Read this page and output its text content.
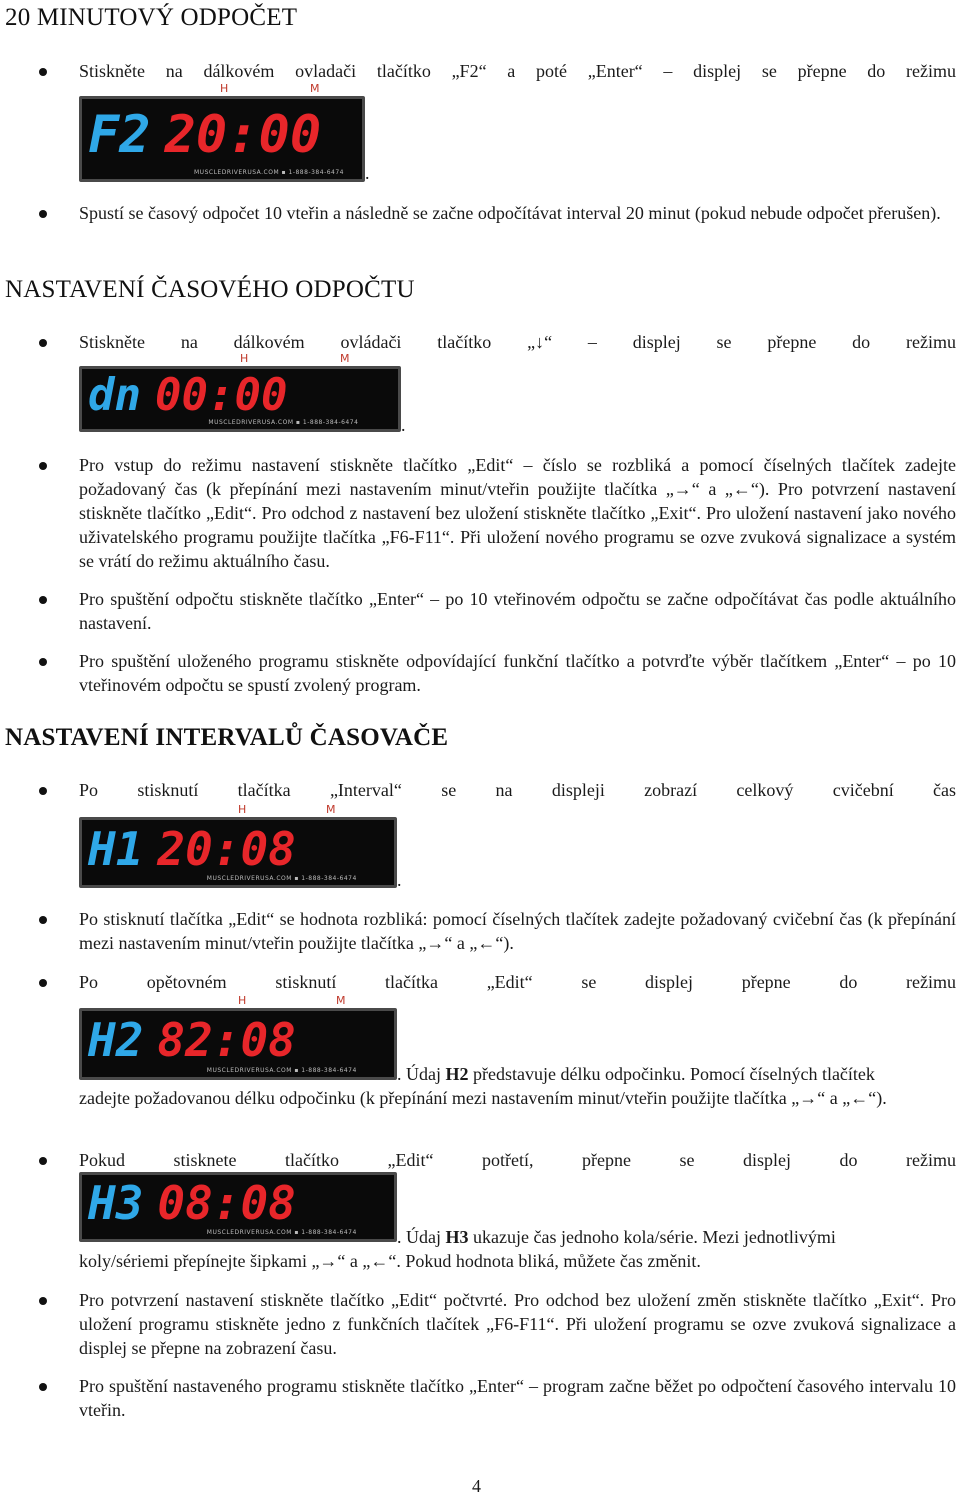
20 MINUTOVÝ ODPOČET
Stiskněte na dálkovém ovladači tlačítko „F2“ a poté „Enter“ – displej se přepne do režimu
H	M
F2 20:00
MUSCLEDRIVERUSA.COM ▪ 1-888-384-6474	.
Spustí se časový odpočet 10 vteřin a následně se začne odpočítávat interval 20 minut (pokud nebude odpočet přerušen).
NASTAVENÍ ČASOVÉHO ODPOČTU
Stiskněte na dálkovém ovládači tlačítko „↓“ – displej se přepne do režimu
H	M
dn 00:00
MUSCLEDRIVERUSA.COM ▪ 1-888-384-6474	.
Pro vstup do režimu nastavení stiskněte tlačítko „Edit“ – číslo se rozbliká a pomocí číselných tlačítek zadejte požadovaný čas (k přepínání mezi nastavením minut/vteřin použijte tlačítka „→“ a „←“). Pro potvrzení nastavení stiskněte tlačítko „Edit“. Pro odchod z nastavení bez uložení stiskněte tlačítko „Exit“. Pro uložení nastavení jako nového uživatelského programu použijte tlačítka „F6-F11“. Při uložení nového programu se ozve zvuková signalizace a systém se vrátí do režimu aktuálního času.
Pro spuštění odpočtu stiskněte tlačítko „Enter“ – po 10 vteřinovém odpočtu se začne odpočítávat čas podle aktuálního nastavení.
Pro spuštění uloženého programu stiskněte odpovídající funkční tlačítko a potvrďte výběr tlačítkem „Enter“ – po 10 vteřinovém odpočtu se spustí zvolený program.
NASTAVENÍ INTERVALŮ ČASOVAČE
Po stisknutí tlačítka „Interval“ se na displeji zobrazí celkový cvičební čas
H	M
H1 20:08
MUSCLEDRIVERUSA.COM ▪ 1-888-384-6474	.
Po stisknutí tlačítka „Edit“ se hodnota rozbliká: pomocí číselných tlačítek zadejte požadovaný cvičební čas (k přepínání mezi nastavením minut/vteřin použijte tlačítka „→“ a „←“).
Po opětovném stisknutí tlačítka „Edit“ se displej přepne do režimu
H	M
H2 82:08
MUSCLEDRIVERUSA.COM ▪ 1-888-384-6474	. Údaj H2 představuje délku odpočinku. Pomocí číselných tlačítek
zadejte požadovanou délku odpočinku (k přepínání mezi nastavením minut/vteřin použijte tlačítka „→“ a „←“).
Pokud stisknete tlačítko „Edit“ potřetí, přepne se displej do režimu
H3 08:08
MUSCLEDRIVERUSA.COM ▪ 1-888-384-6474	. Údaj H3 ukazuje čas jednoho kola/série. Mezi jednotlivými
koly/sériemi přepínejte šipkami „→“ a „←“. Pokud hodnota bliká, můžete čas změnit.
Pro potvrzení nastavení stiskněte tlačítko „Edit“ počtvrté. Pro odchod bez uložení změn stiskněte tlačítko „Exit“. Pro uložení programu stiskněte jedno z funkčních tlačítek „F6-F11“. Při uložení programu se ozve zvuková signalizace a displej se přepne na zobrazení času.
Pro spuštění nastaveného programu stiskněte tlačítko „Enter“ – program začne běžet po odpočtení časového intervalu 10 vteřin.
4
